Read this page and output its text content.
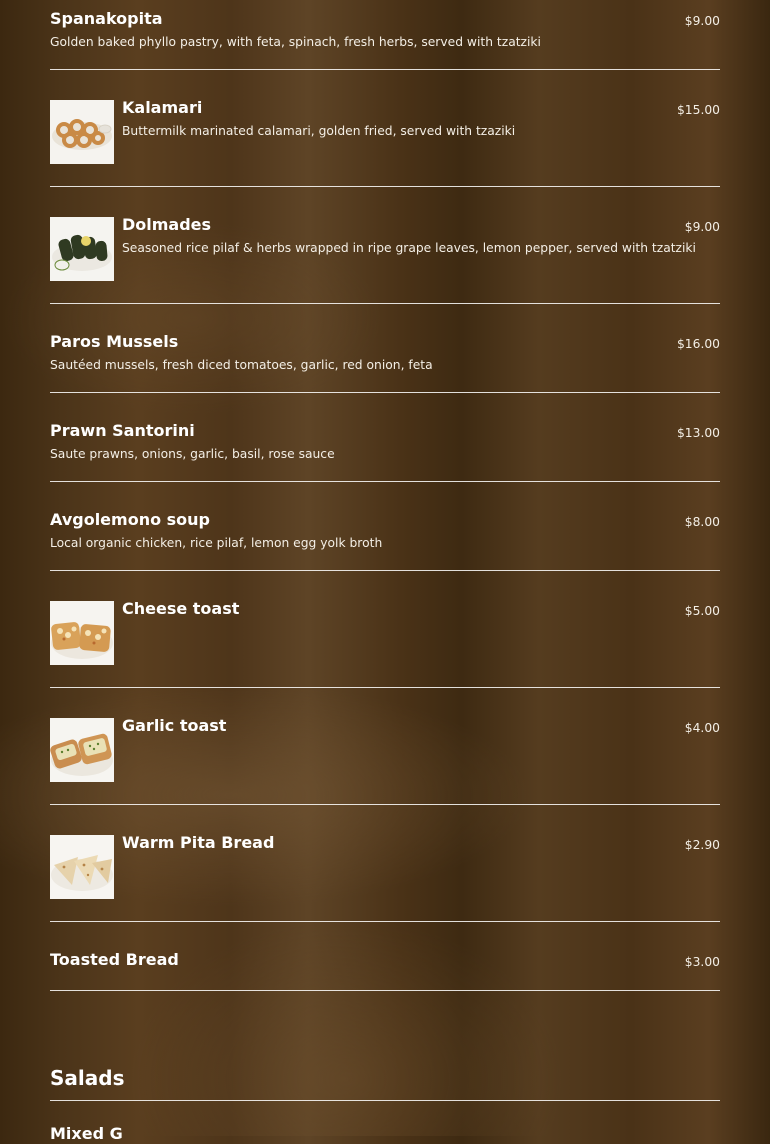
Spanakopita
Golden baked phyllo pastry, with feta, spinach, fresh herbs, served with tzatziki
$9.00
Kalamari
Buttermilk marinated calamari, golden fried, served with tzaziki
$15.00
Dolmades
Seasoned rice pilaf & herbs wrapped in ripe grape leaves, lemon pepper, served with tzatziki
$9.00
Paros Mussels
Sautéed mussels, fresh diced tomatoes, garlic, red onion, feta
$16.00
Prawn Santorini
Saute prawns, onions, garlic, basil, rose sauce
$13.00
Avgolemono soup
Local organic chicken, rice pilaf, lemon egg yolk broth
$8.00
Cheese toast	$5.00
Garlic toast	$4.00
Warm Pita Bread	$2.90
Toasted Bread	$3.00
Salads
Mixed G
